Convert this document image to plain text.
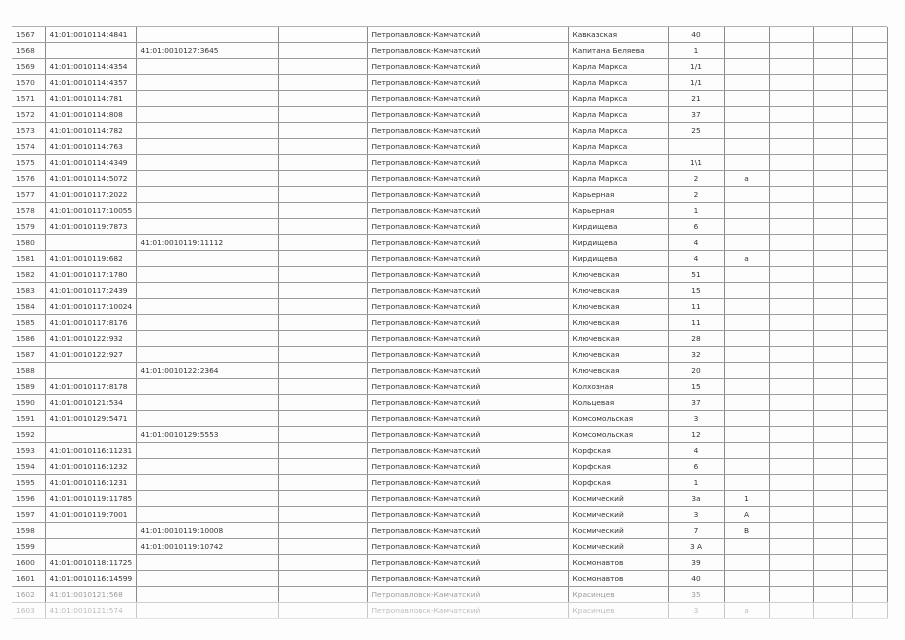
1567	41:01:0010114:4841			Петропавловск-Камчатский	Кавказская	40				
1568		41:01:0010127:3645		Петропавловск-Камчатский	Капитана Беляева	1				
1569	41:01:0010114:4354			Петропавловск-Камчатский	Карла Маркса	1/1				
1570	41:01:0010114:4357			Петропавловск-Камчатский	Карла Маркса	1/1				
1571	41:01:0010114:781			Петропавловск-Камчатский	Карла Маркса	21				
1572	41:01:0010114:808			Петропавловск-Камчатский	Карла Маркса	37				
1573	41:01:0010114:782			Петропавловск-Камчатский	Карла Маркса	25				
1574	41:01:0010114:763			Петропавловск-Камчатский	Карла Маркса					
1575	41:01:0010114:4349			Петропавловск-Камчатский	Карла Маркса	1\1				
1576	41:01:0010114:5072			Петропавловск-Камчатский	Карла Маркса	2	а			
1577	41:01:0010117:2022			Петропавловск-Камчатский	Карьерная	2				
1578	41:01:0010117:10055			Петропавловск-Камчатский	Карьерная	1				
1579	41:01:0010119:7873			Петропавловск-Камчатский	Кирдищева	6				
1580		41:01:0010119:11112		Петропавловск-Камчатский	Кирдищева	4				
1581	41:01:0010119:682			Петропавловск-Камчатский	Кирдищева	4	а			
1582	41:01:0010117:1780			Петропавловск-Камчатский	Ключевская	51				
1583	41:01:0010117:2439			Петропавловск-Камчатский	Ключевская	15				
1584	41:01:0010117:10024			Петропавловск-Камчатский	Ключевская	11				
1585	41:01:0010117:8176			Петропавловск-Камчатский	Ключевская	11				
1586	41:01:0010122:932			Петропавловск-Камчатский	Ключевская	28				
1587	41:01:0010122:927			Петропавловск-Камчатский	Ключевская	32				
1588		41:01:0010122:2364		Петропавловск-Камчатский	Ключевская	20				
1589	41:01:0010117:8178			Петропавловск-Камчатский	Колхозная	15				
1590	41:01:0010121:534			Петропавловск-Камчатский	Кольцевая	37				
1591	41:01:0010129:5471			Петропавловск-Камчатский	Комсомольская	3				
1592		41:01:0010129:5553		Петропавловск-Камчатский	Комсомольская	12				
1593	41:01:0010116:11231			Петропавловск-Камчатский	Корфская	4				
1594	41:01:0010116:1232			Петропавловск-Камчатский	Корфская	6				
1595	41:01:0010116:1231			Петропавловск-Камчатский	Корфская	1				
1596	41:01:0010119:11785			Петропавловск-Камчатский	Космический	3а	1			
1597	41:01:0010119:7001			Петропавловск-Камчатский	Космический	3	А			
1598		41:01:0010119:10008		Петропавловск-Камчатский	Космический	7	В			
1599		41:01:0010119:10742		Петропавловск-Камчатский	Космический	3 А				
1600	41:01:0010118:11725			Петропавловск-Камчатский	Космонавтов	39				
1601	41:01:0010116:14599			Петропавловск-Камчатский	Космонавтов	40				
1602	41:01:0010121:568			Петропавловск-Камчатский	Красинцев	35				
1603	41:01:0010121:574			Петропавловск-Камчатский	Красинцев	3	а			
